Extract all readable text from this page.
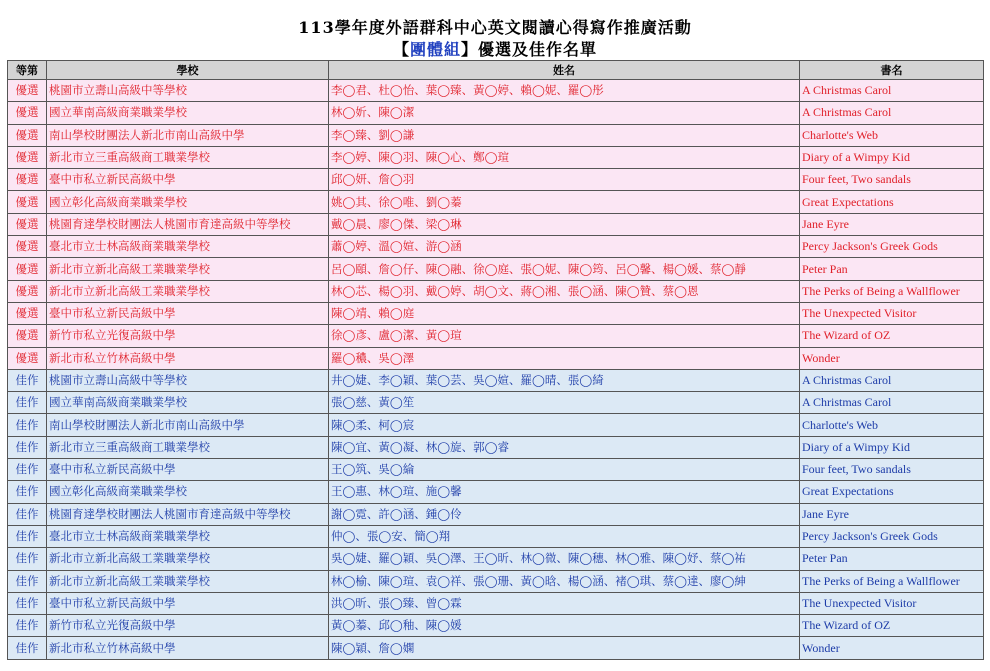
113學年度外語群科中心英文閱讀心得寫作推廣活動
【團體組】優選及佳作名單
等第	學校	姓名	書名
優選	桃園市立壽山高級中等學校	李◯君、杜◯怡、葉◯臻、黃◯婷、賴◯妮、羅◯彤	A Christmas Carol
優選	國立華南高級商業職業學校	林◯妡、陳◯潔	A Christmas Carol
優選	南山學校財團法人新北市南山高級中學	李◯臻、劉◯謙	Charlotte's Web
優選	新北市立三重高級商工職業學校	李◯婷、陳◯羽、陳◯心、鄭◯瑄	Diary of a Wimpy Kid
優選	臺中市私立新民高級中學	邱◯妍、詹◯羽	Four feet, Two sandals
優選	國立彰化高級商業職業學校	姚◯其、徐◯唯、劉◯蓁	Great Expectations
優選	桃園育達學校財團法人桃園市育達高級中等學校	戴◯晨、廖◯傑、梁◯琳	Jane Eyre
優選	臺北市立士林高級商業職業學校	蕭◯婷、溫◯媗、游◯涵	Percy Jackson's Greek Gods
優選	新北市立新北高級工業職業學校	呂◯頤、詹◯仔、陳◯融、徐◯庭、張◯妮、陳◯筠、呂◯馨、楊◯媛、蔡◯靜	Peter Pan
優選	新北市立新北高級工業職業學校	林◯芯、楊◯羽、戴◯婷、胡◯文、蔣◯湘、張◯涵、陳◯贊、蔡◯恩	The Perks of Being a Wallflower
優選	臺中市私立新民高級中學	陳◯靖、賴◯庭	The Unexpected Visitor
優選	新竹市私立光復高級中學	徐◯彥、盧◯潔、黃◯瑄	The Wizard of OZ
優選	新北市私立竹林高級中學	羅◯穠、吳◯澤	Wonder
佳作	桃園市立壽山高級中等學校	井◯婕、李◯穎、葉◯芸、吳◯媗、羅◯晴、張◯綺	A Christmas Carol
佳作	國立華南高級商業職業學校	張◯慈、黃◯笙	A Christmas Carol
佳作	南山學校財團法人新北市南山高級中學	陳◯柔、柯◯宸	Charlotte's Web
佳作	新北市立三重高級商工職業學校	陳◯宜、黃◯凝、林◯旋、郭◯睿	Diary of a Wimpy Kid
佳作	臺中市私立新民高級中學	王◯筑、吳◯綸	Four feet, Two sandals
佳作	國立彰化高級商業職業學校	王◯惠、林◯瑄、施◯馨	Great Expectations
佳作	桃園育達學校財團法人桃園市育達高級中等學校	謝◯霓、許◯涵、鍾◯伶	Jane Eyre
佳作	臺北市立士林高級商業職業學校	仲◯、張◯安、簡◯翔	Percy Jackson's Greek Gods
佳作	新北市立新北高級工業職業學校	吳◯婕、羅◯穎、吳◯澤、王◯昕、林◯微、陳◯穗、林◯雅、陳◯妤、蔡◯祐	Peter Pan
佳作	新北市立新北高級工業職業學校	林◯榆、陳◯瑄、袁◯祥、張◯珊、黃◯晗、楊◯涵、褚◯琪、蔡◯達、廖◯紳	The Perks of Being a Wallflower
佳作	臺中市私立新民高級中學	洪◯昕、張◯臻、曾◯霖	The Unexpected Visitor
佳作	新竹市私立光復高級中學	黃◯蓁、邱◯釉、陳◯媛	The Wizard of OZ
佳作	新北市私立竹林高級中學	陳◯穎、詹◯嫻	Wonder
